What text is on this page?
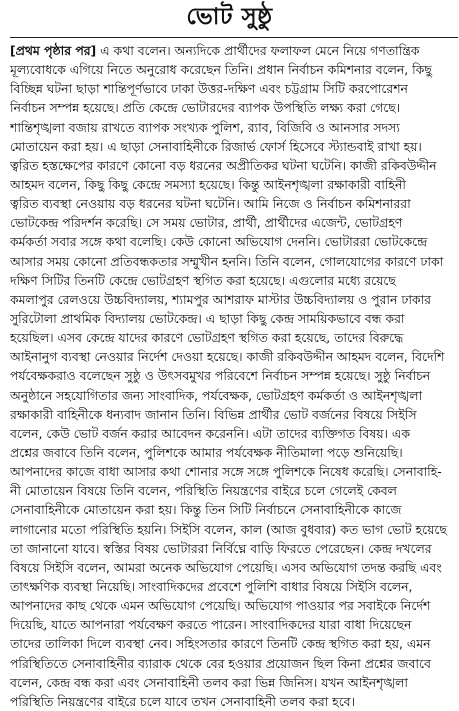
ভোট সুষ্ঠু
[প্রথম পৃষ্ঠার পর] এ কথা বলেন। অন্যদিকে প্রার্থীদের ফলাফল মেনে নিয়ে গণতান্ত্রিক
মূল্যবোধকে এগিয়ে নিতে অনুরোধ করেছেন তিনি। প্রধান নির্বাচন কমিশনার বলেন, কিছু
বিচ্ছিন্ন ঘটনা ছাড়া শান্তিপূর্ণভাবে ঢাকা উত্তর-দক্ষিণ এবং চট্টগ্রাম সিটি করপোরেশন
নির্বাচন সম্পন্ন হয়েছে। প্রতি কেন্দ্রে ভোটারদের ব্যাপক উপস্থিতি লক্ষ্য করা গেছে।
শান্তিশৃঙ্খলা বজায় রাখতে ব্যাপক সংখ্যক পুলিশ, র‌্যাব, বিজিবি ও আনসার সদস্য
মোতায়েন করা হয়। এ ছাড়া সেনাবাহিনীকে রিজার্ভ ফোর্স হিসেবে স্ট্যান্ডবাই রাখা হয়।
ত্বরিত হস্তক্ষেপের কারণে কোনো বড় ধরনের অপ্রীতিকর ঘটনা ঘটেনি। কাজী রকিবউদ্দীন
আহমদ বলেন, কিছু কিছু কেন্দ্রে সমস্যা হয়েছে। কিন্তু আইনশৃঙ্খলা রক্ষাকারী বাহিনী
ত্বরিত ব্যবস্থা নেওয়ায় বড় ধরনের ঘটনা ঘটেনি। আমি নিজে ও নির্বাচন কমিশনাররা
ভোটকেন্দ্র পরিদর্শন করেছি। সে সময় ভোটার, প্রার্থী, প্রার্থীদের এজেন্ট, ভোটগ্রহণ
কর্মকর্তা সবার সঙ্গে কথা বলেছি। কেউ কোনো অভিযোগ দেননি। ভোটাররা ভোটকেন্দ্রে
আসার সময় কোনো প্রতিবন্ধকতার সম্মুখীন হননি। তিনি বলেন, গোলযোগের কারণে ঢাকা
দক্ষিণ সিটির তিনটি কেন্দ্রে ভোটগ্রহণ স্থগিত করা হয়েছে। এগুলোর মধ্যে রয়েছে
কমলাপুর রেলওয়ে উচ্চবিদ্যালয়, শ্যামপুর আশরাফ মাস্টার উচ্চবিদ্যালয় ও পুরান ঢাকার
সুরিটোলা প্রাথমিক বিদ্যালয় ভোটকেন্দ্র। এ ছাড়া কিছু কেন্দ্র সাময়িকভাবে বন্ধ করা
হয়েছিল। এসব কেন্দ্রে যাদের কারণে ভোটগ্রহণ স্থগিত করা হয়েছে, তাদের বিরুদ্ধে
আইনানুগ ব্যবস্থা নেওয়ার নির্দেশ দেওয়া হয়েছে। কাজী রকিবউদ্দীন আহমদ বলেন, বিদেশি
পর্যবেক্ষকরাও বলেছেন সুষ্ঠু ও উৎসবমুখর পরিবেশে নির্বাচন সম্পন্ন হয়েছে। সুষ্ঠু নির্বাচন
অনুষ্ঠানে সহযোগিতার জন্য সাংবাদিক, পর্যবেক্ষক, ভোটগ্রহণ কর্মকর্তা ও আইনশৃঙ্খলা
রক্ষাকারী বাহিনীকে ধন্যবাদ জানান তিনি। বিভিন্ন প্রার্থীর ভোট বর্জনের বিষয়ে সিইসি
বলেন, কেউ ভোট বর্জন করার আবেদন করেননি। এটা তাদের ব্যক্তিগত বিষয়। এক
প্রশ্নের জবাবে তিনি বলেন, পুলিশকে আমার পর্যবেক্ষক নীতিমালা পড়ে শুনিয়েছি।
আপনাদের কাজে বাধা আসার কথা শোনার সঙ্গে সঙ্গে পুলিশকে নিষেধ করেছি। সেনাবাহি-
নী মোতায়েন বিষয়ে তিনি বলেন, পরিস্থিতি নিয়ন্ত্রণের বাইরে চলে গেলেই কেবল
সেনাবাহিনীকে মোতায়েন করা হয়। কিন্তু তিন সিটি নির্বাচনে সেনাবাহিনীকে কাজে
লাগানোর মতো পরিস্থিতি হয়নি। সিইসি বলেন, কাল (আজ বুধবার) কত ভাগ ভোট হয়েছে
তা জানানো যাবে। স্বস্তির বিষয় ভোটাররা নির্বিঘ্নে বাড়ি ফিরতে পেরেছেন। কেন্দ্র দখলের
বিষয়ে সিইসি বলেন, আমরা অনেক অভিযোগ পেয়েছি। এসব অভিযোগ তদন্ত করছি এবং
তাৎক্ষণিক ব্যবস্থা নিয়েছি। সাংবাদিকদের প্রবেশে পুলিশি বাধার বিষয়ে সিইসি বলেন,
আপনাদের কাছ থেকে এমন অভিযোগ পেয়েছি। অভিযোগ পাওয়ার পর সবাইকে নির্দেশ
দিয়েছি, যাতে আপনারা পর্যবেক্ষণ করতে পারেন। সাংবাদিকদের যারা বাধা দিয়েছেন
তাদের তালিকা দিলে ব্যবস্থা নেব। সহিংসতার কারণে তিনটি কেন্দ্র স্থগিত করা হয়, এমন
পরিস্থিতিতে সেনাবাহিনীর ব্যারাক থেকে বের হওয়ার প্রয়োজন ছিল কিনা প্রশ্নের জবাবে
বলেন, কেন্দ্র বন্ধ করা এবং সেনাবাহিনী তলব করা ভিন্ন জিনিস। যখন আইনশৃঙ্খলা
পরিস্থিতি নিয়ন্ত্রণের বাইরে চলে যাবে তখন সেনাবাহিনী তলব করা হবে।
